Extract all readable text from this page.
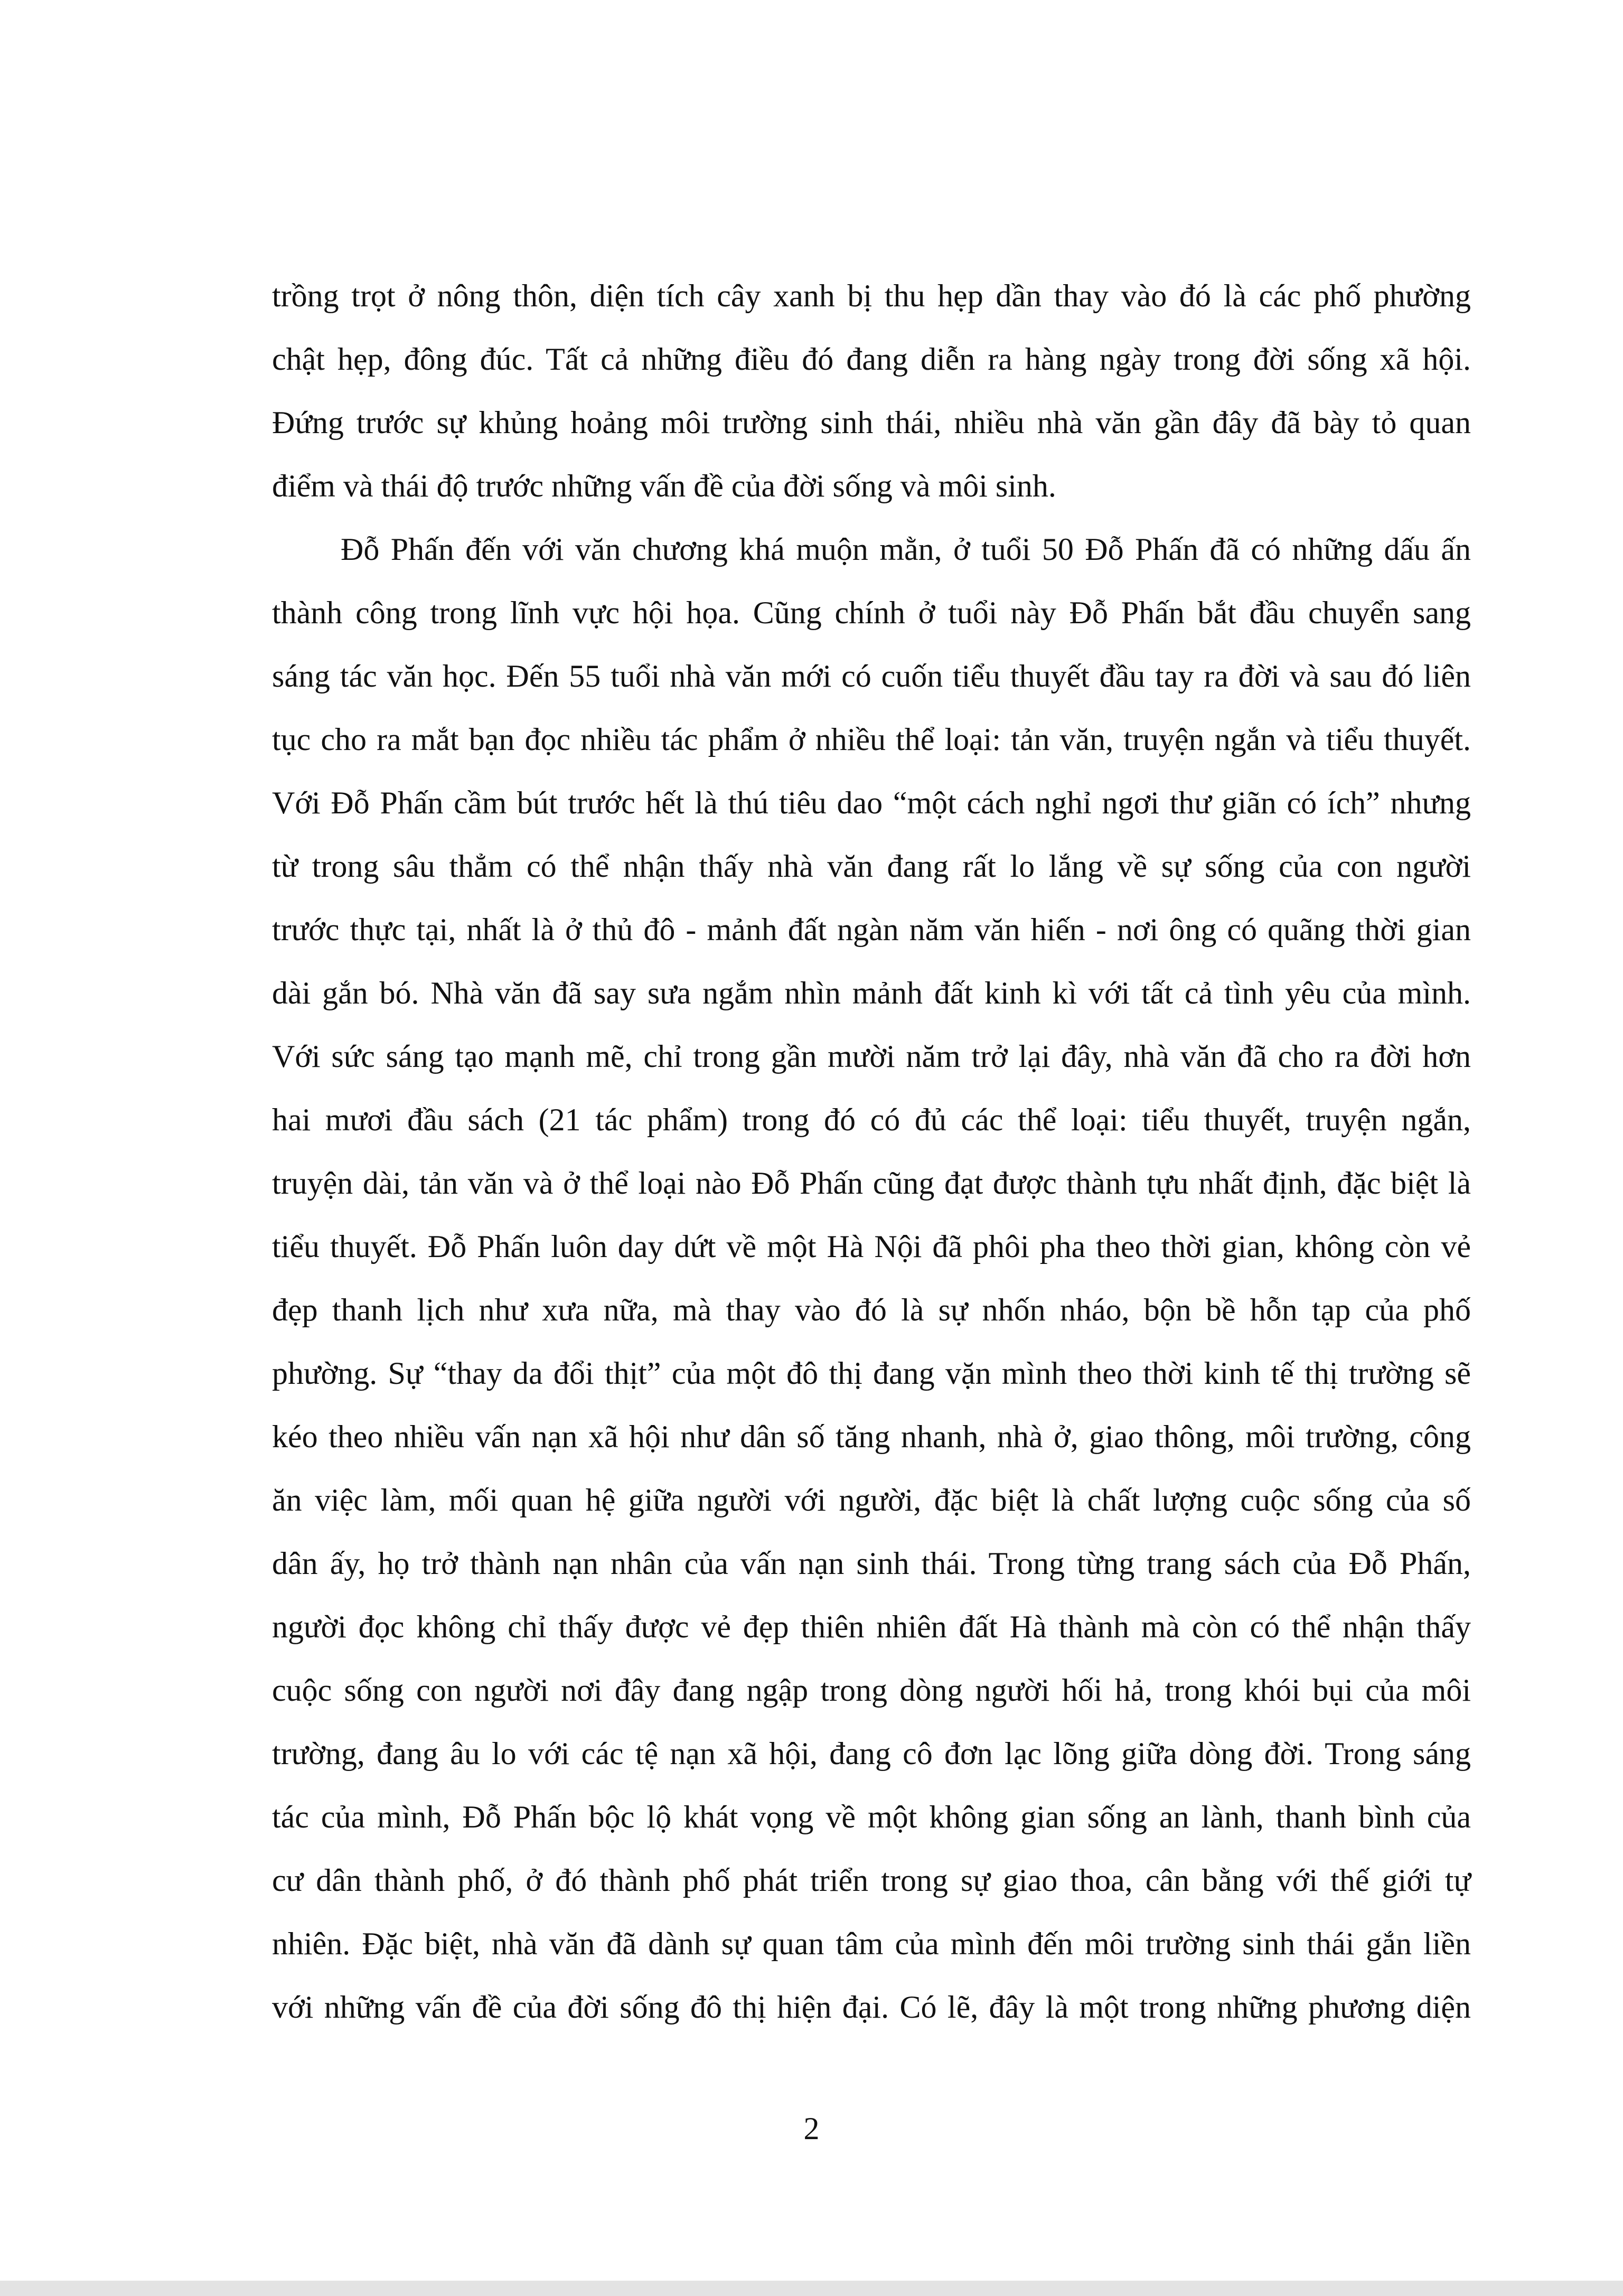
trồng trọt ở nông thôn, diện tích cây xanh bị thu hẹp dần thay vào đó là các phố phường
chật hẹp, đông đúc. Tất cả những điều đó đang diễn ra hàng ngày trong đời sống xã hội.
Đứng trước sự khủng hoảng môi trường sinh thái, nhiều nhà văn gần đây đã bày tỏ quan
điểm và thái độ trước những vấn đề của đời sống và môi sinh.
Đỗ Phấn đến với văn chương khá muộn mằn, ở tuổi 50 Đỗ Phấn đã có những dấu ấn
thành công trong lĩnh vực hội họa. Cũng chính ở tuổi này Đỗ Phấn bắt đầu chuyển sang
sáng tác văn học. Đến 55 tuổi nhà văn mới có cuốn tiểu thuyết đầu tay ra đời và sau đó liên
tục cho ra mắt bạn đọc nhiều tác phẩm ở nhiều thể loại: tản văn, truyện ngắn và tiểu thuyết.
Với Đỗ Phấn cầm bút trước hết là thú tiêu dao “một cách nghỉ ngơi thư giãn có ích” nhưng
từ trong sâu thẳm có thể nhận thấy nhà văn đang rất lo lắng về sự sống của con người
trước thực tại, nhất là ở thủ đô - mảnh đất ngàn năm văn hiến - nơi ông có quãng thời gian
dài gắn bó. Nhà văn đã say sưa ngắm nhìn mảnh đất kinh kì với tất cả tình yêu của mình.
Với sức sáng tạo mạnh mẽ, chỉ trong gần mười năm trở lại đây, nhà văn đã cho ra đời hơn
hai mươi đầu sách (21 tác phẩm) trong đó có đủ các thể loại: tiểu thuyết, truyện ngắn,
truyện dài, tản văn và ở thể loại nào Đỗ Phấn cũng đạt được thành tựu nhất định, đặc biệt là
tiểu thuyết. Đỗ Phấn luôn day dứt về một Hà Nội đã phôi pha theo thời gian, không còn vẻ
đẹp thanh lịch như xưa nữa, mà thay vào đó là sự nhốn nháo, bộn bề hỗn tạp của phố
phường. Sự “thay da đổi thịt” của một đô thị đang vặn mình theo thời kinh tế thị trường sẽ
kéo theo nhiều vấn nạn xã hội như dân số tăng nhanh, nhà ở, giao thông, môi trường, công
ăn việc làm, mối quan hệ giữa người với người, đặc biệt là chất lượng cuộc sống của số
dân ấy, họ trở thành nạn nhân của vấn nạn sinh thái. Trong từng trang sách của Đỗ Phấn,
người đọc không chỉ thấy được vẻ đẹp thiên nhiên đất Hà thành mà còn có thể nhận thấy
cuộc sống con người nơi đây đang ngập trong dòng người hối hả, trong khói bụi của môi
trường, đang âu lo với các tệ nạn xã hội, đang cô đơn lạc lõng giữa dòng đời. Trong sáng
tác của mình, Đỗ Phấn bộc lộ khát vọng về một không gian sống an lành, thanh bình của
cư dân thành phố, ở đó thành phố phát triển trong sự giao thoa, cân bằng với thế giới tự
nhiên. Đặc biệt, nhà văn đã dành sự quan tâm của mình đến môi trường sinh thái gắn liền
với những vấn đề của đời sống đô thị hiện đại. Có lẽ, đây là một trong những phương diện
2
